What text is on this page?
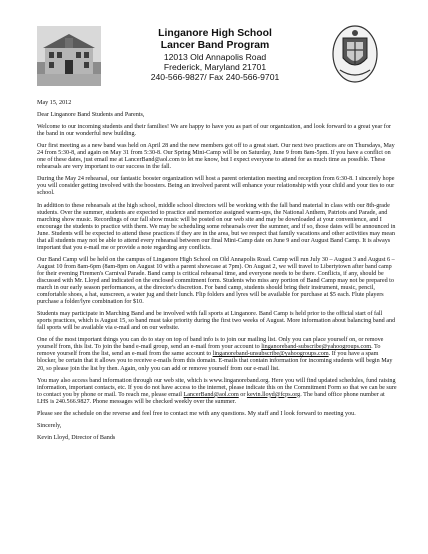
Linganore High School
Lancer Band Program
12013 Old Annapolis Road
Frederick, Maryland 21701
240-566-9827/ Fax 240-566-9701

May 15, 2012

Dear Linganore Band Students and Parents,

Welcome to our incoming students and their families! We are happy to have you as part of our organization, and look forward to a great year for the band in our wonderful new building.

Our first meeting as a new band was held on April 28 and the new members got off to a great start. Our next two practices are on Thursdays, May 24 from 5:30-8, and again on May 31 from 5:30-8. Our Spring Mini-Camp will be on Saturday, June 9 from 8am-5pm. If you have a conflict on one of these dates, just email me at LancerBand@aol.com to let me know, but I expect everyone to attend for as much time as possible. These rehearsals are very important to our success in the fall.

During the May 24 rehearsal, our fantastic booster organization will host a parent orientation meeting and reception from 6:30-8. I sincerely hope you will consider getting involved with the boosters. Being an involved parent will enhance your relationship with your child and your ties to our school.

In addition to these rehearsals at the high school, middle school directors will be working with the fall band material in class with our 8th-grade students. Over the summer, students are expected to practice and memorize assigned warm-ups, the National Anthem, Patriots and Parade, and marching show music. Recordings of our fall show music will be posted on our web site and may be downloaded at your convenience, and I encourage the students to practice with them. We may be scheduling some rehearsals over the summer, and if so, those dates will be announced in June. Students will be expected to attend these practices if they are in the area, but we respect that family vacations and other activities may mean that all students may not be able to attend every rehearsal between our final Mini-Camp date on June 9 and our August Band Camp. It is always important that you e-mail me or provide a note regarding any conflicts.

Our Band Camp will be held on the campus of Linganore High School on Old Annapolis Road. Camp will run July 30 – August 3 and August 6 – August 10 from 8am-6pm (8am-8pm on August 10 with a parent showcase at 7pm). On August 2, we will travel to Libertytown after band camp for their evening Firemen's Carnival Parade. Band camp is critical rehearsal time, and everyone needs to be there. Conflicts, if any, should be discussed with Mr. Lloyd and indicated on the enclosed commitment form. Students who miss any portion of Band Camp may not be prepared to march in our early season performances, at the director's discretion. For band camp, students should bring their instrument, music, pencil, comfortable shoes, a hat, sunscreen, a water jug and their lunch. Flip folders and lyres will be available for purchase at $5 each. Flute players purchase a folder/lyre combination for $10.

Students may participate in Marching Band and be involved with fall sports at Linganore. Band Camp is held prior to the official start of fall sports practices, which is August 15, so band must take priority during the first two weeks of August. More information about balancing band and fall sports will be available via e-mail and on our website.

One of the most important things you can do to stay on top of band info is to join our mailing list. Only you can place yourself on, or remove yourself from, this list. To join the band e-mail group, send an e-mail from your account to linganoreband-subscribe@yahoogroups.com. To remove yourself from the list, send an e-mail from the same account to linganoreband-unsubscribe@yahoogroups.com. If you have a spam blocker, be certain that it allows you to receive e-mails from this domain. E-mails that contain information for incoming students will begin May 20, so please join the list by then. Again, only you can add or remove yourself from our e-mail list.

You may also access band information through our web site, which is www.linganoreband.org. Here you will find updated schedules, fund raising information, important contacts, etc. If you do not have access to the internet, please indicate this on the Commitment Form so that we can be sure to contact you by phone or mail. To reach me, please email LancerBand@aol.com or kevin.lloyd@fcps.org. The band office phone number at LHS is 240.566.9827. Phone messages will be checked weekly over the summer.

Please see the schedule on the reverse and feel free to contact me with any questions. My staff and I look forward to meeting you.

Sincerely,

Kevin Lloyd, Director of Bands
